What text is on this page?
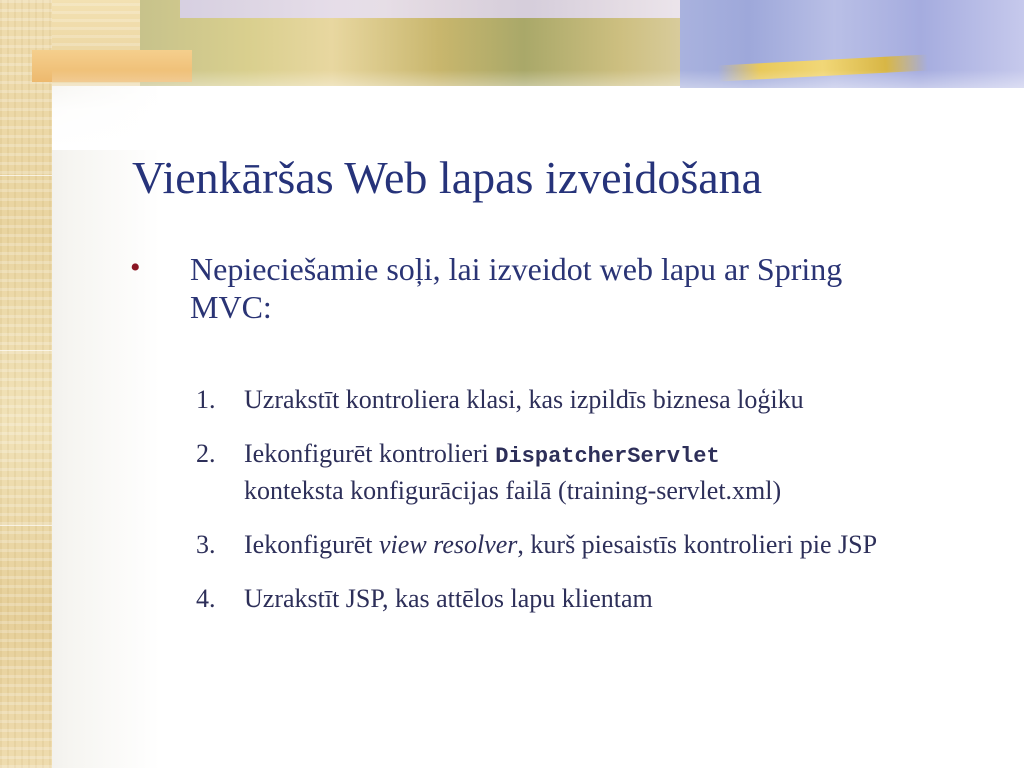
Vienkāršas Web lapas izveidošana
• Nepieciešamie soļi, lai izveidot web lapu ar Spring MVC:
1. Uzrakstīt kontroliera klasi, kas izpildīs biznesa loģiku
2. Iekonfigurēt kontrolieri DispatcherServlet
konteksta konfigurācijas failā (training-servlet.xml)
3. Iekonfigurēt view resolver, kurš piesaistīs kontrolieri pie JSP
4. Uzrakstīt JSP, kas attēlos lapu klientam
